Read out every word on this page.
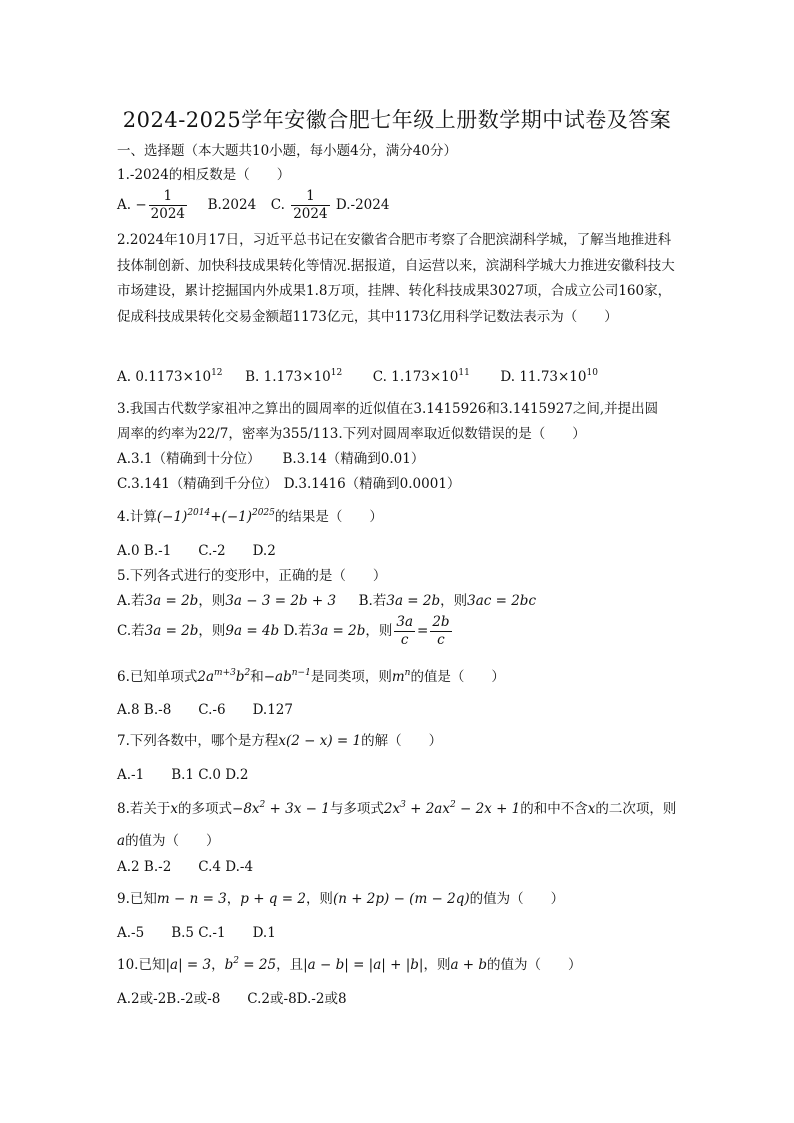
2024-2025学年安徽合肥七年级上册数学期中试卷及答案
一、选择题（本大题共10小题，每小题4分，满分40分）
1.-2024的相反数是（　　）
A. − $\frac{1}{2024} B.2024$ C. $\frac{1}{2024} D.-2024$
2.2024年10月17日，习近平总书记在安徽省合肥市考察了合肥滨湖科学城，了解当地推进科技体制创新、加快科技成果转化等情况.据报道，自运营以来，滨湖科学城大力推进安徽科技大市场建设，累计挖掘国内外成果1.8万项，挂牌、转化科技成果3027项，合成立公司160家，促成科技成果转化交易金额超1173亿元，其中1173亿用科学记数法表示为（　　）
A. $0.1173\times 10^{12}$ B. $1.173\times 10^{12}$ C. $1.173\times 10^{11}$ D. $11.73\times 10^{10}$
3.我国古代数学家祖冲之算出的圆周率的近似值在3.1415926和3.1415927之间,并提出圆
周率的约率为22/7，密率为355/113.下列对圆周率取近似数错误的是（　　）
A.3.1（精确到十分位） B.3.14（精确到0.01）
C.3.141（精确到千分位） D.3.1416（精确到0.0001）
4.计算$(-1)^{2014}+(-1)^{2025}$的结果是（　　）
A.0 B.-1　　C.-2　　D.2
5.下列各式进行的变形中，正确的是（　　）
A.若3a = 2b，则3a − 3 = 2b + 3 B.若3a = 2b，则3ac = 2bc
C.若3a = 2b，则9a = 4b D.若3a = 2b，则 $\frac{3a}{c} = \frac{2b}{c}$
6.已知单项式$2a^{m+3}b^2$和$-ab^{n-1}$是同类项，则$m^n$的值是（　　）
A.8 B.-8　　C.-6　　D.127
7.下列各数中，哪个是方程x(2 − x) = 1的解（　　）
A.-1　　B.1 C.0 D.2
8.若关于x的多项式$-8x^2 + 3x - 1$与多项式$2x^3 + 2ax^2 - 2x + 1$的和中不含x的二次项，则
a的值为（　　）
A.2 B.-2　　C.4 D.-4
9.已知m − n = 3，p + q = 2，则(n + 2p) − (m − 2q)的值为（　　）
A.-5　　B.5 C.-1　　D.1
10.已知|a| = 3，$b^2 = 25$，且|a − b| = |a| + |b|，则a + b的值为（　　）
A.2或-2B.-2或-8　　C.2或-8D.-2或8
